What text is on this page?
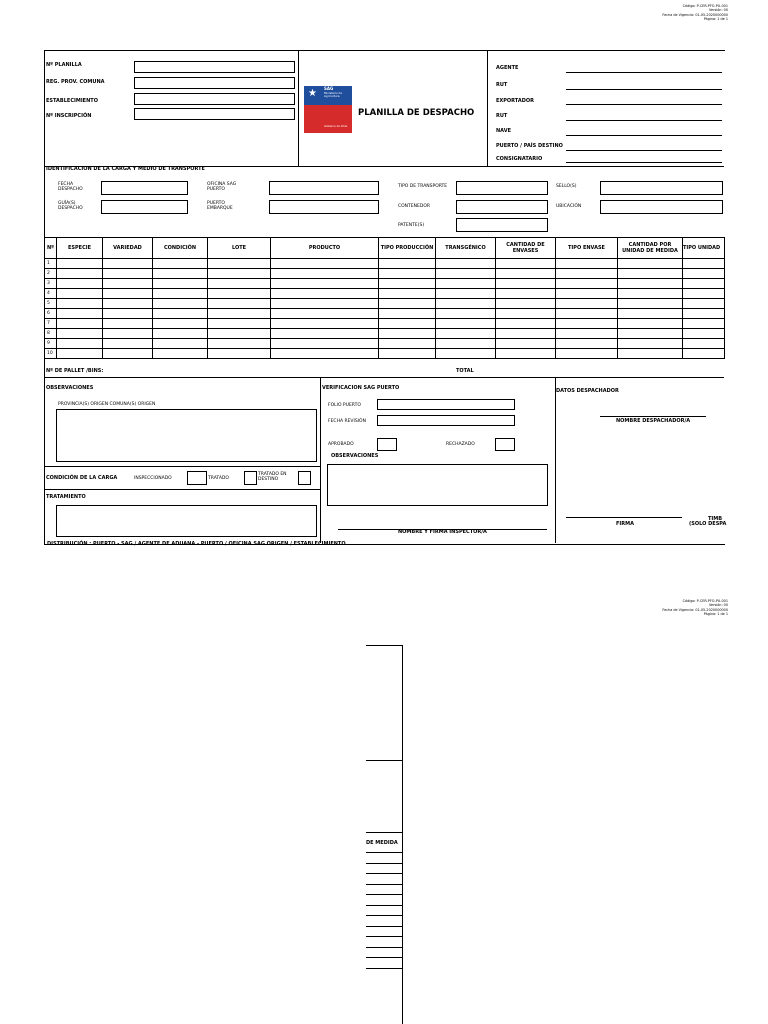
Código: P-CER-PFO-PU-001
Versión: 00
Fecha de Vigencia: 01-05-2020000000
Página: 1 de 1
Nº PLANILLA
REG. PROV. COMUNA
ESTABLECIMIENTO
Nº INSCRIPCIÓN
★ SAG
Ministerio de
Agricultura
Gobierno de Chile
PLANILLA DE DESPACHO
AGENTE
RUT
EXPORTADOR
RUT
NAVE
PUERTO / PAÍS DESTINO
CONSIGNATARIO
IDENTIFICACION DE LA CARGA Y MEDIO DE TRANSPORTE
FECHA
DESPACHO
GUÍA(S)
DESPACHO
OFICINA SAG
PUERTO
PUERTO
EMBARQUE
TIPO DE TRANSPORTE
CONTENEDOR
PATENTE(S)
SELLO(S)
UBICACIÓN
Nº	ESPECIE	VARIEDAD	CONDICIÓN	LOTE	PRODUCTO	TIPO PRODUCCIÓN	TRANSGÉNICO	CANTIDAD DE ENVASES	TIPO ENVASE	CANTIDAD POR UNIDAD DE MEDIDA	TIPO UNIDAD
1											
2											
3											
4											
5											
6											
7											
8											
9											
10											
Nº DE PALLET /BINS:	TOTAL
OBSERVACIONES
PROVINCIA(S) ORIGEN COMUNA(S) ORIGEN
CONDICIÓN DE LA CARGA	INSPECCIONADO	TRATADO
TRATADO EN
DESTINO
TRATAMIENTO
VERIFICACION SAG PUERTO
FOLIO PUERTO
FECHA REVISIÓN
APROBADO	RECHAZADO
OBSERVACIONES
NOMBRE Y FIRMA INSPECTOR/A
DATOS DESPACHADOR
NOMBRE DESPACHADOR/A
FIRMA
TIMB
(SOLO DESPA
DISTRIBUCIÓN : PUERTO - SAG / AGENTE DE ADUANA - PUERTO / OFICINA SAG ORIGEN / ESTABLECIMIENTO
Código: P-CER-PFO-PU-001
Versión: 00
Fecha de Vigencia: 01-05-2020000000
Página: 1 de 1
DE MEDIDA
